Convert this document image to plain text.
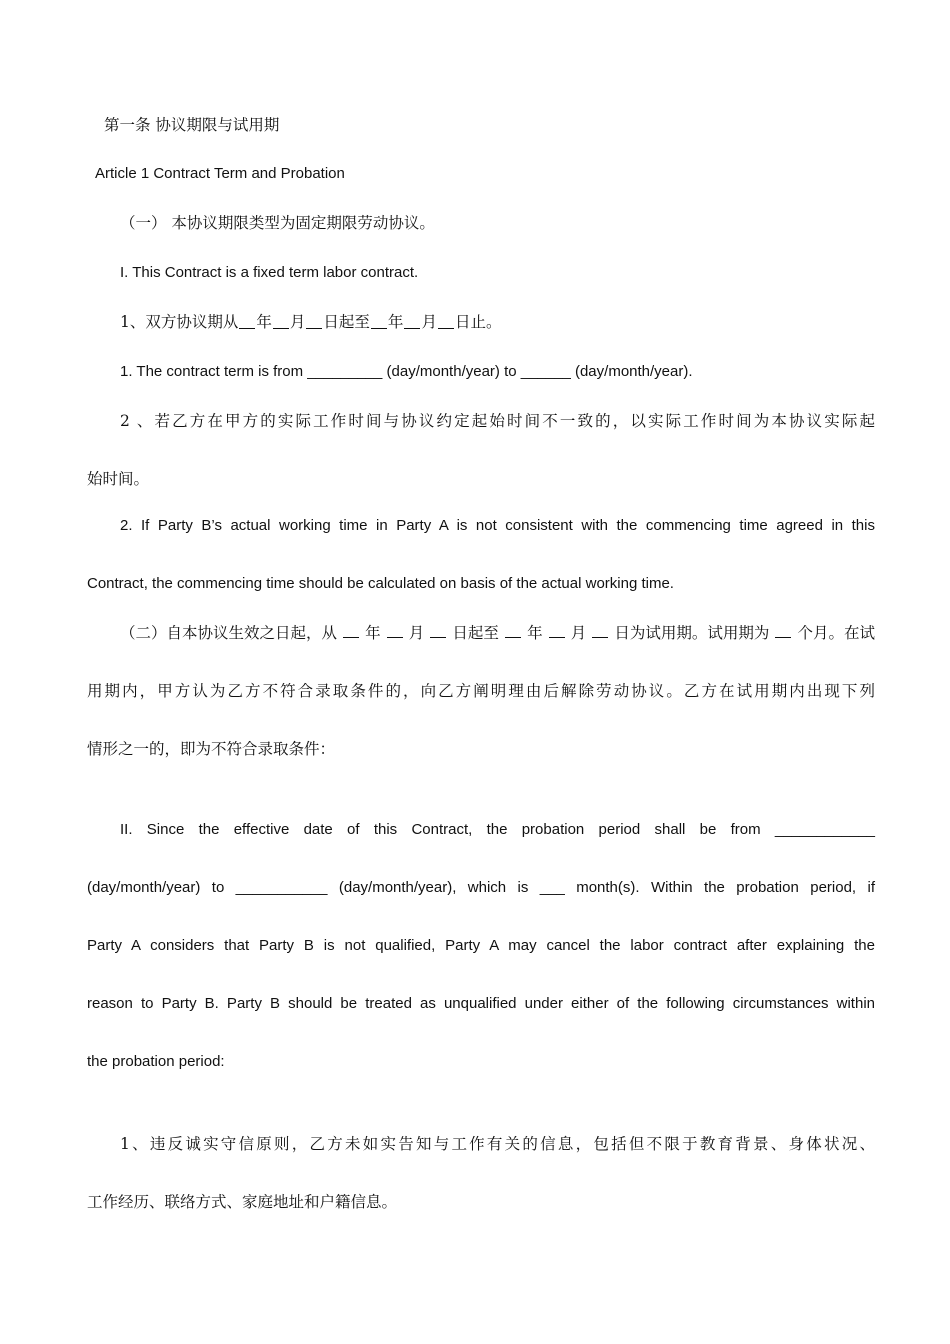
第一条 协议期限与试用期

Article 1 Contract Term and Probation

（一） 本协议期限类型为固定期限劳动协议。

I. This Contract is a fixed term labor contract.

1、双方协议期从 年 月 日起至 年 月 日止。

1. The contract term is from _________ (day/month/year) to ______ (day/month/year).

2 、若乙方在甲方的实际工作时间与协议约定起始时间不一致的，以实际工作时间为本协议实际起

始时间。

2. If Party B’s actual working time in Party A is not consistent with the commencing time agreed in this

Contract, the commencing time should be calculated on basis of the actual working time.

（二）自本协议生效之日起，从 年 月 日起至 年 月 日为试用期。试用期为 个月。在试

用期内，甲方认为乙方不符合录取条件的，向乙方阐明理由后解除劳动协议。乙方在试用期内出现下列

情形之一的，即为不符合录取条件：

II.  Since  the  effective  date  of  this  Contract,  the  probation  period  shall  be  from  ____________

(day/month/year) to ___________ (day/month/year), which is ___ month(s). Within the probation period, if

Party A considers that Party B is not qualified, Party A may cancel the labor contract after explaining the

reason to Party B. Party B should be treated as unqualified under either of the following circumstances within

the probation period:

1、违反诚实守信原则，乙方未如实告知与工作有关的信息，包括但不限于教育背景、身体状况、

工作经历、联络方式、家庭地址和户籍信息。
